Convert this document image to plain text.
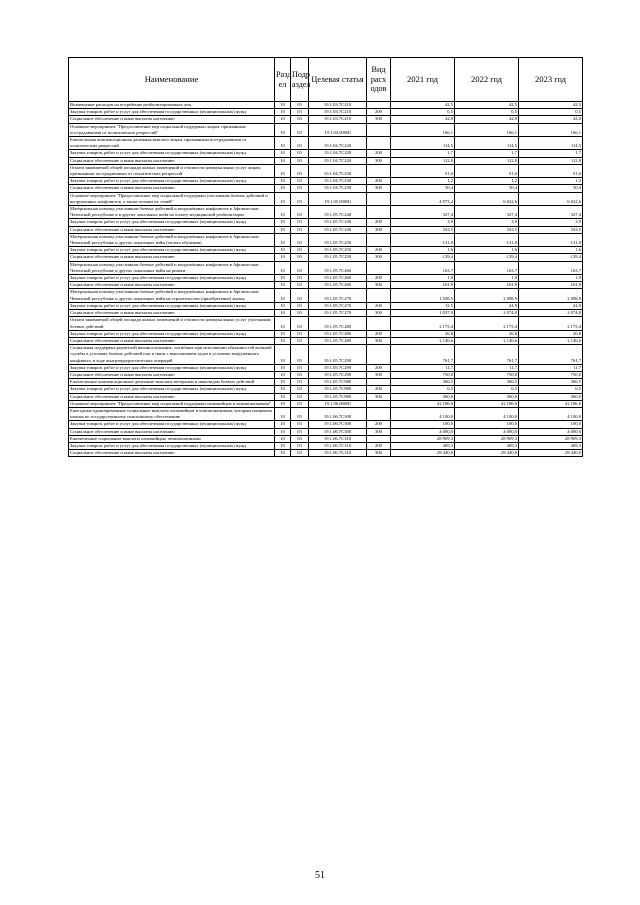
Наименование	Разд ел	Подр аздел	Целевая статья	Вид расх одов	2021 год	2022 год	2023 год
Возмещение расходов на погребение реабилитированных лиц	10	03	19.1.03.7С210		42,5	42,5	42,5
Закупка товаров, работ и услуг для обеспечения государственных (муниципальных) нужд	10	03	19.1.03.7С210	200	0,5	0,5	0,5
Социальное обеспечение и иные выплаты населению	10	03	19.1.03.7С210	300	42,0	42,0	42,0
Основное мероприятие "Предоставление мер социальной поддержки лицам, признанным пострадавшими от политических репрессий"	10	03	19.1.04.00000		166,1	166,1	166,1
Ежемесячная компенсационная денежная выплата лицам, признанным пострадавшими от политических репрессий	10	03	19.1.04.7С220		114,5	114,5	114,5
Закупка товаров, работ и услуг для обеспечения государственных (муниципальных) нужд	10	03	19.1.04.7С220	200	1,7	1,7	1,7
Социальное обеспечение и иные выплаты населению	10	03	19.1.04.7С220	300	112,8	112,8	112,8
Оплата занимаемой общей площади жилых помещений и стоимости коммунальных услуг лицам, признанным пострадавшими от политических репрессий	10	03	19.1.04.7С230		51,6	51,6	51,6
Закупка товаров, работ и услуг для обеспечения государственных (муниципальных) нужд	10	03	19.1.04.7С230	200	1,2	1,2	1,2
Социальное обеспечение и иные выплаты населению	10	03	19.1.04.7С230	300	50,4	50,4	50,4
Основное мероприятие "Предоставление мер социальной поддержки участникам боевых действий и вооруженных конфликтов, а также членам их семей"	10	03	19.1.05.00000		4 973,2	6 022,6	6 022,6
Материальная помощь участникам боевых действий и вооружённых конфликтов в Афганистане, Чеченской республике и в других локальных войн на оплату медицинской реабилитации	10	03	19.1.05.7С240		327,4	327,4	327,4
Закупка товаров, работ и услуг для обеспечения государственных (муниципальных) нужд	10	03	19.1.05.7С240	200	3,9	3,9	3,9
Социальное обеспечение и иные выплаты населению	10	03	19.1.05.7С240	300	323,5	323,5	323,5
Материальная помощь участникам боевых действий и вооружённых конфликтов в Афганистане, Чеченской республике и других локальных войн (оплата обучения)	10	03	19.1.05.7С250		131,0	131,0	131,0
Закупка товаров, работ и услуг для обеспечения государственных (муниципальных) нужд	10	03	19.1.05.7С250	200	1,6	1,6	1,6
Социальное обеспечение и иные выплаты населению	10	03	19.1.05.7С250	300	129,4	129,4	129,4
Материальная помощь участникам боевых действий и вооружённых конфликтов в Афганистане, Чеченской республике и других локальных войн на ремонт	10	03	19.1.05.7С260		163,7	163,7	163,7
Закупка товаров, работ и услуг для обеспечения государственных (муниципальных) нужд	10	03	19.1.05.7С260	200	1,9	1,9	1,9
Социальное обеспечение и иные выплаты населению	10	03	19.1.05.7С260	300	161,8	161,8	161,8
Материальная помощь участникам боевых действий и вооружённых конфликтов в Афганистане, Чеченской республике и других локальных войн на строительство (приобретение) жилья	10	03	19.1.05.7С270		1 049,5	2 098,9	2 098,9
Закупка товаров, работ и услуг для обеспечения государственных (муниципальных) нужд	10	03	19.1.05.7С270	200	12,5	24,9	24,9
Социальное обеспечение и иные выплаты населению	10	03	19.1.05.7С270	300	1 037,0	2 074,0	2 074,0
Оплата занимаемой общей площади жилых помещений и стоимости коммунальных услуг участникам боевых действий	10	03	19.1.05.7С280		2 173,4	2 173,4	2 173,4
Закупка товаров, работ и услуг для обеспечения государственных (муниципальных) нужд	10	03	19.1.05.7С280	200	26,8	26,8	26,8
Социальное обеспечение и иные выплаты населению	10	03	19.1.05.7С280	300	2 146,6	2 146,6	2 146,6
Социальная поддержка родителей военнослужащих, погибших при исполнении обязанностей военной службы в условиях боевых действий или в связи с выполнением задач в условиях вооруженного конфликта, в ходе контртеррористических операций	10	03	19.1.05.7С290		761,7	761,7	761,7
Закупка товаров, работ и услуг для обеспечения государственных (муниципальных) нужд	10	03	19.1.05.7С290	200	11,7	11,7	11,7
Социальное обеспечение и иные выплаты населению	10	03	19.1.05.7С290	300	750,0	750,0	750,0
Ежемесячные компенсационные денежные выплаты ветеранам и инвалидам боевых действий	10	03	19.1.05.7С980		366,5	366,5	366,5
Закупка товаров, работ и услуг для обеспечения государственных (муниципальных) нужд	10	03	19.1.05.7С980	200	6,5	6,5	6,5
Социальное обеспечение и иные выплаты населению	10	03	19.1.05.7С980	300	360,0	360,0	360,0
Основное мероприятие "Предоставление мер социальной поддержки олимпийцам и чемпионатникам"	10	03	19.1.06.00000		42 186,6	42 186,6	42 186,6
Ежегодные единовременные социальные выплаты олимпийцам и чемпионатникам, которым назначена пенсия по государственному пенсионному обеспечению	10	03	19.1.06.7С300		4 100,0	4 100,0	4 100,0
Закупка товаров, работ и услуг для обеспечения государственных (муниципальных) нужд	10	03	19.1.06.7С300	200	100,0	100,0	100,0
Социальное обеспечение и иные выплаты населению	10	03	19.1.06.7С300	300	4 000,0	4 000,0	4 000,0
Ежемесячные социальные выплаты олимпийцам, чемпионатникам	10	03	19.1.06.7С310		28 909,3	28 909,3	28 909,3
Закупка товаров, работ и услуг для обеспечения государственных (муниципальных) нужд	10	03	19.1.06.7С310	200	469,3	469,3	469,3
Социальное обеспечение и иные выплаты населению	10	03	19.1.06.7С310	300	28 440,0	28 440,0	28 440,0
51
